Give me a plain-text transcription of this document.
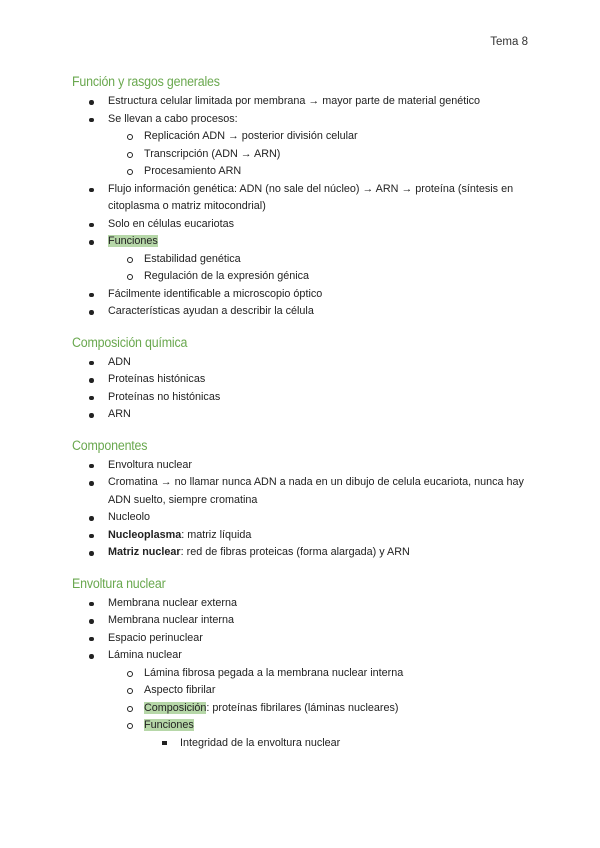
Tema 8
Función y rasgos generales
Estructura celular limitada por membrana → mayor parte de material genético
Se llevan a cabo procesos:
Replicación ADN → posterior división celular
Transcripción (ADN → ARN)
Procesamiento ARN
Flujo información genética: ADN (no sale del núcleo) → ARN → proteína (síntesis en citoplasma o matriz mitocondrial)
Solo en células eucariotas
Funciones
Estabilidad genética
Regulación de la expresión génica
Fácilmente identificable a microscopio óptico
Características ayudan a describir la célula
Composición química
ADN
Proteínas histónicas
Proteínas no histónicas
ARN
Componentes
Envoltura nuclear
Cromatina → no llamar nunca ADN a nada en un dibujo de celula eucariota, nunca hay ADN suelto, siempre cromatina
Nucleolo
Nucleoplasma: matriz líquida
Matriz nuclear: red de fibras proteicas (forma alargada) y ARN
Envoltura nuclear
Membrana nuclear externa
Membrana nuclear interna
Espacio perinuclear
Lámina nuclear
Lámina fibrosa pegada a la membrana nuclear interna
Aspecto fibrilar
Composición: proteínas fibrilares (láminas nucleares)
Funciones
Integridad de la envoltura nuclear
